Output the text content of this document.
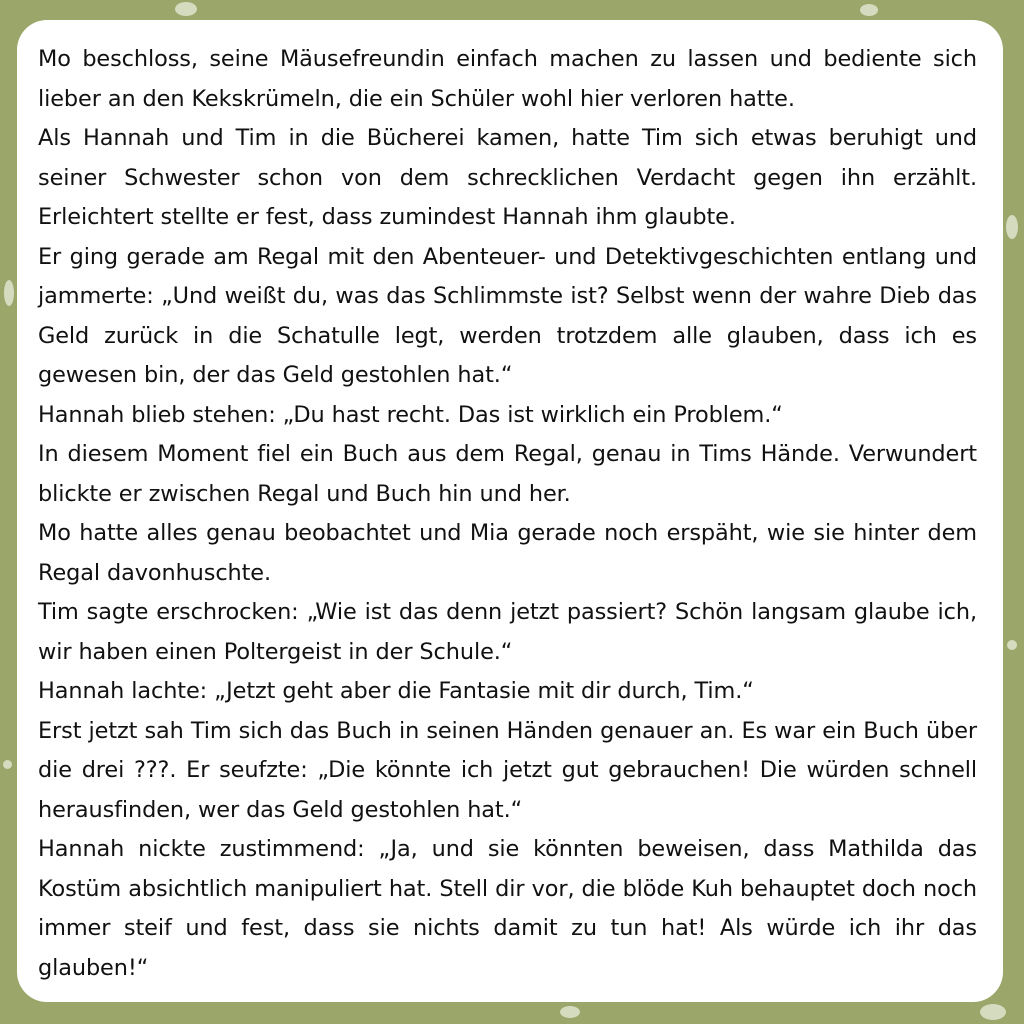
Mo beschloss, seine Mäusefreundin einfach machen zu lassen und bediente sich lieber an den Kekskrümeln, die ein Schüler wohl hier verloren hatte.

Als Hannah und Tim in die Bücherei kamen, hatte Tim sich etwas beruhigt und seiner Schwester schon von dem schrecklichen Verdacht gegen ihn erzählt. Erleichtert stellte er fest, dass zumindest Hannah ihm glaubte.

Er ging gerade am Regal mit den Abenteuer- und Detektivgeschichten entlang und jammerte: „Und weißt du, was das Schlimmste ist? Selbst wenn der wahre Dieb das Geld zurück in die Schatulle legt, werden trotzdem alle glauben, dass ich es gewesen bin, der das Geld gestohlen hat.“

Hannah blieb stehen: „Du hast recht. Das ist wirklich ein Problem.“

In diesem Moment fiel ein Buch aus dem Regal, genau in Tims Hände. Verwundert blickte er zwischen Regal und Buch hin und her.

Mo hatte alles genau beobachtet und Mia gerade noch erspäht, wie sie hinter dem Regal davonhuschte.

Tim sagte erschrocken: „Wie ist das denn jetzt passiert? Schön langsam glaube ich, wir haben einen Poltergeist in der Schule.“

Hannah lachte: „Jetzt geht aber die Fantasie mit dir durch, Tim.“

Erst jetzt sah Tim sich das Buch in seinen Händen genauer an. Es war ein Buch über die drei ???. Er seufzte: „Die könnte ich jetzt gut gebrauchen! Die würden schnell herausfinden, wer das Geld gestohlen hat.“

Hannah nickte zustimmend: „Ja, und sie könnten beweisen, dass Mathilda das Kostüm absichtlich manipuliert hat. Stell dir vor, die blöde Kuh behauptet doch noch immer steif und fest, dass sie nichts damit zu tun hat! Als würde ich ihr das glauben!“
